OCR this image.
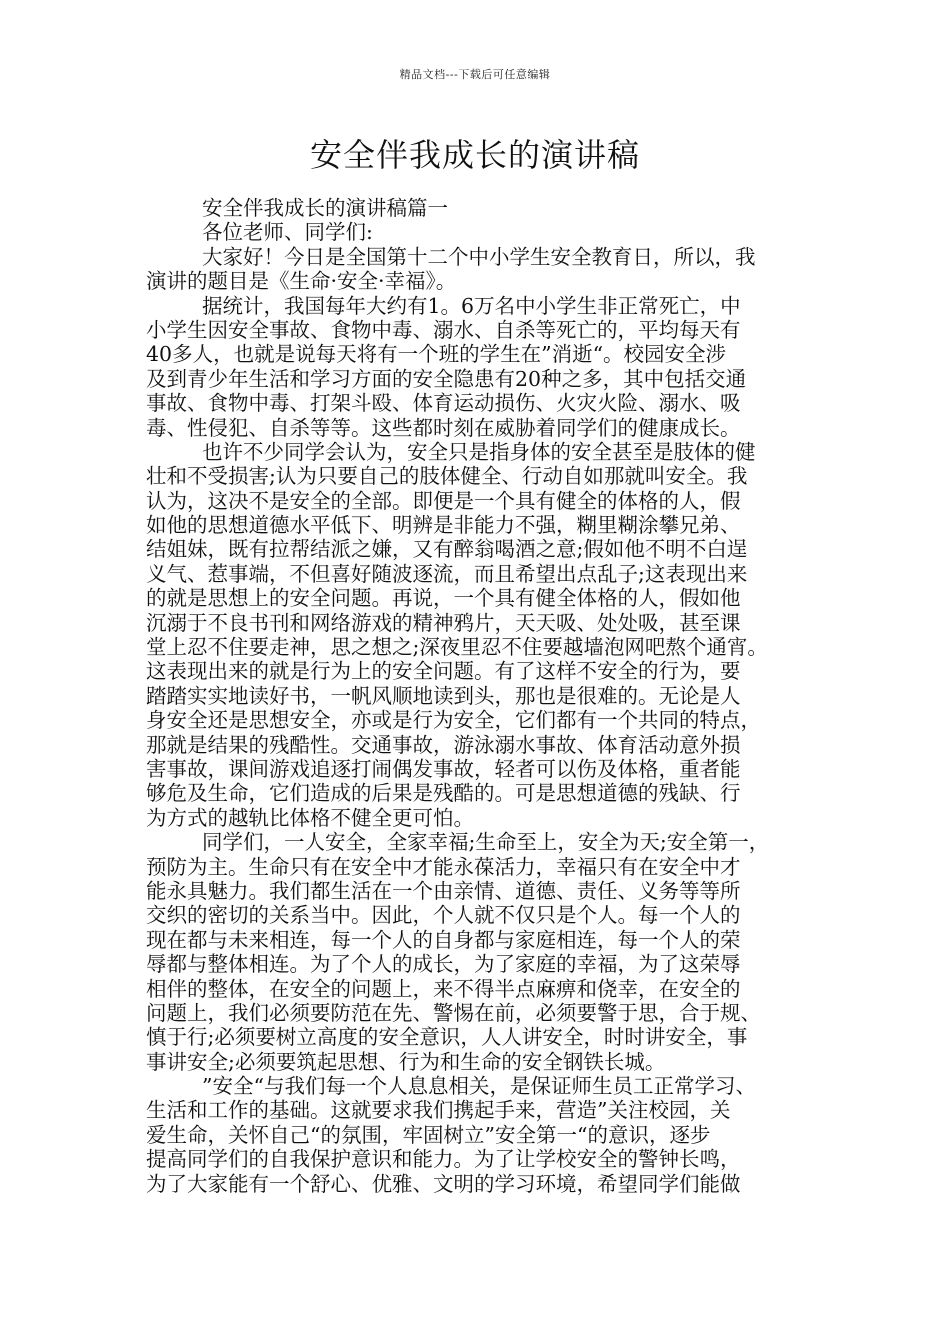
精品文档---下载后可任意编辑
安全伴我成长的演讲稿
安全伴我成长的演讲稿篇一
各位老师、同学们:
大家好！今日是全国第十二个中小学生安全教育日，所以，我
演讲的题目是《生命·安全·幸福》。
据统计，我国每年大约有1。6万名中小学生非正常死亡，中
小学生因安全事故、食物中毒、溺水、自杀等死亡的，平均每天有
40多人，也就是说每天将有一个班的学生在”消逝“。校园安全涉
及到青少年生活和学习方面的安全隐患有20种之多，其中包括交通
事故、食物中毒、打架斗殴、体育运动损伤、火灾火险、溺水、吸
毒、性侵犯、自杀等等。这些都时刻在威胁着同学们的健康成长。
也许不少同学会认为，安全只是指身体的安全甚至是肢体的健
壮和不受损害;认为只要自己的肢体健全、行动自如那就叫安全。我
认为，这决不是安全的全部。即便是一个具有健全的体格的人，假
如他的思想道德水平低下、明辨是非能力不强，糊里糊涂攀兄弟、
结姐妹，既有拉帮结派之嫌，又有醉翁喝酒之意;假如他不明不白逞
义气、惹事端，不但喜好随波逐流，而且希望出点乱子;这表现出来
的就是思想上的安全问题。再说，一个具有健全体格的人，假如他
沉溺于不良书刊和网络游戏的精神鸦片，天天吸、处处吸，甚至课
堂上忍不住要走神，思之想之;深夜里忍不住要越墙泡网吧熬个通宵。
这表现出来的就是行为上的安全问题。有了这样不安全的行为，要
踏踏实实地读好书，一帆风顺地读到头，那也是很难的。无论是人
身安全还是思想安全，亦或是行为安全，它们都有一个共同的特点，
那就是结果的残酷性。交通事故，游泳溺水事故、体育活动意外损
害事故，课间游戏追逐打闹偶发事故，轻者可以伤及体格，重者能
够危及生命，它们造成的后果是残酷的。可是思想道德的残缺、行
为方式的越轨比体格不健全更可怕。
同学们，一人安全，全家幸福;生命至上，安全为天;安全第一，
预防为主。生命只有在安全中才能永葆活力，幸福只有在安全中才
能永具魅力。我们都生活在一个由亲情、道德、责任、义务等等所
交织的密切的关系当中。因此，个人就不仅只是个人。每一个人的
现在都与未来相连，每一个人的自身都与家庭相连，每一个人的荣
辱都与整体相连。为了个人的成长，为了家庭的幸福，为了这荣辱
相伴的整体，在安全的问题上，来不得半点麻痹和侥幸，在安全的
问题上，我们必须要防范在先、警惕在前，必须要警于思，合于规、
慎于行;必须要树立高度的安全意识，人人讲安全，时时讲安全，事
事讲安全;必须要筑起思想、行为和生命的安全钢铁长城。
”安全“与我们每一个人息息相关，是保证师生员工正常学习、
生活和工作的基础。这就要求我们携起手来，营造”关注校园，关
爱生命，关怀自己“的氛围，牢固树立”安全第一“的意识，逐步
提高同学们的自我保护意识和能力。为了让学校安全的警钟长鸣，
为了大家能有一个舒心、优雅、文明的学习环境，希望同学们能做
